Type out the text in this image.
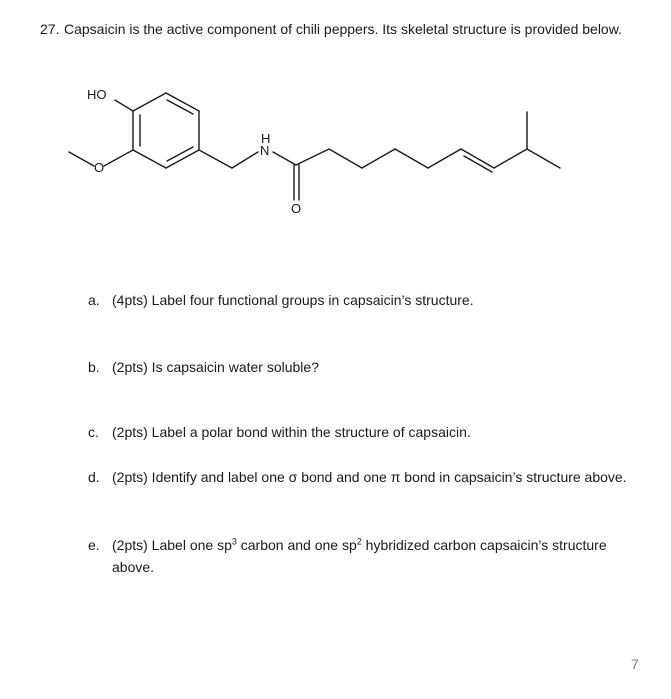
27. Capsaicin is the active component of chili peppers. Its skeletal structure is provided below.
HO
O
H
N
O
a. (4pts) Label four functional groups in capsaicin’s structure.
b. (2pts) Is capsaicin water soluble?
c. (2pts) Label a polar bond within the structure of capsaicin.
d. (2pts) Identify and label one σ bond and one π bond in capsaicin’s structure above.
e. (2pts) Label one $sp^3$ carbon and one $sp^2$ hybridized carbon capsaicin’s structure above.
7
